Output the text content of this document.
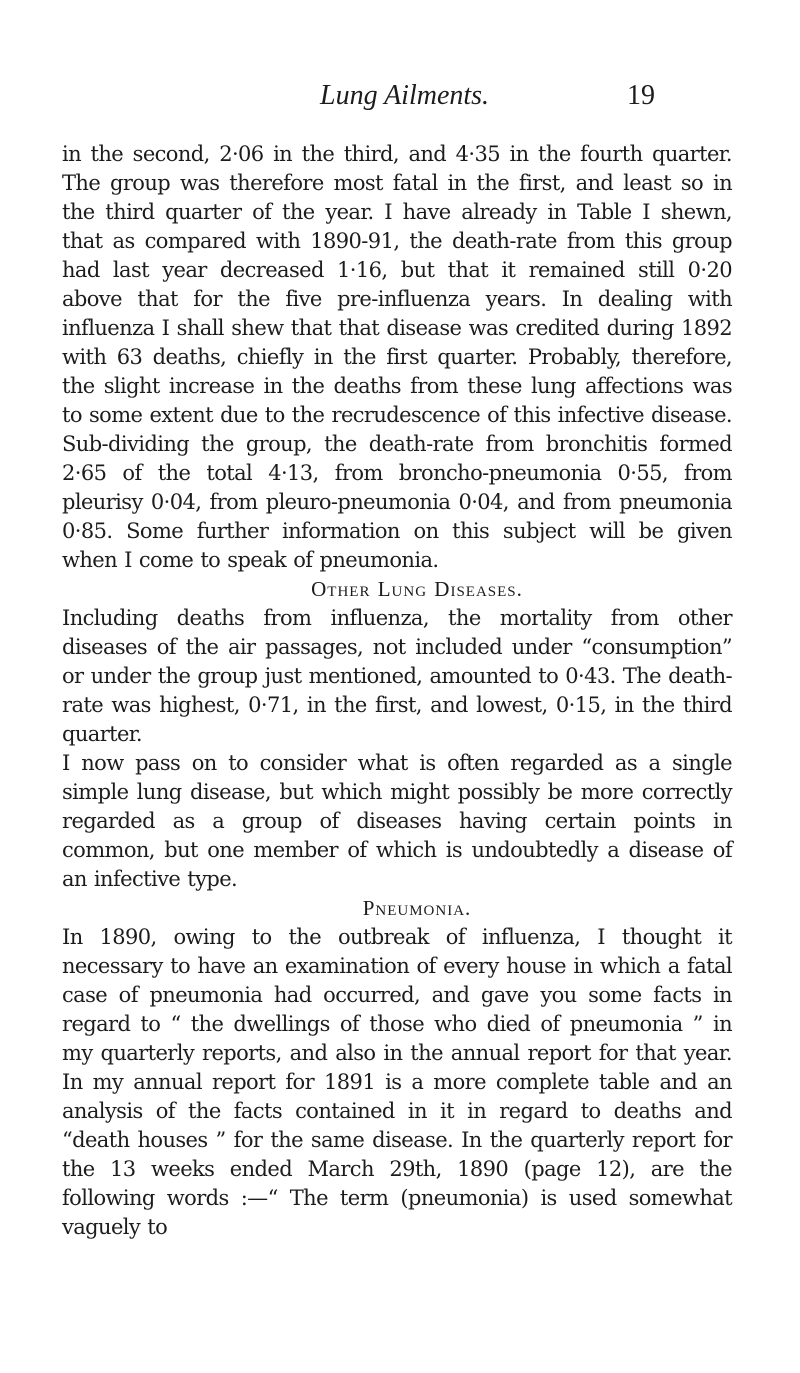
Lung Ailments.	19

in the second, 2·06 in the third, and 4·35 in the fourth quarter. The group was therefore most fatal in the first, and least so in the third quarter of the year. I have already in Table I shewn, that as compared with 1890-91, the death-rate from this group had last year decreased 1·16, but that it remained still 0·20 above that for the five pre-influenza years. In dealing with influenza I shall shew that that disease was credited during 1892 with 63 deaths, chiefly in the first quarter. Probably, therefore, the slight increase in the deaths from these lung affections was to some extent due to the recrudescence of this infective disease. Sub-dividing the group, the death-rate from bronchitis formed 2·65 of the total 4·13, from broncho-pneumonia 0·55, from pleurisy 0·04, from pleuro-pneumonia 0·04, and from pneumonia 0·85. Some further information on this subject will be given when I come to speak of pneumonia.

Other Lung Diseases.

Including deaths from influenza, the mortality from other diseases of the air passages, not included under “consumption” or under the group just mentioned, amounted to 0·43. The death-rate was highest, 0·71, in the first, and lowest, 0·15, in the third quarter.

I now pass on to consider what is often regarded as a single simple lung disease, but which might possibly be more correctly regarded as a group of diseases having certain points in common, but one member of which is undoubtedly a disease of an infective type.

Pneumonia.

In 1890, owing to the outbreak of influenza, I thought it necessary to have an examination of every house in which a fatal case of pneumonia had occurred, and gave you some facts in regard to “ the dwellings of those who died of pneumonia ” in my quarterly reports, and also in the annual report for that year. In my annual report for 1891 is a more complete table and an analysis of the facts contained in it in regard to deaths and “death houses ” for the same disease. In the quarterly report for the 13 weeks ended March 29th, 1890 (page 12), are the following words :—“ The term (pneumonia) is used somewhat vaguely to
